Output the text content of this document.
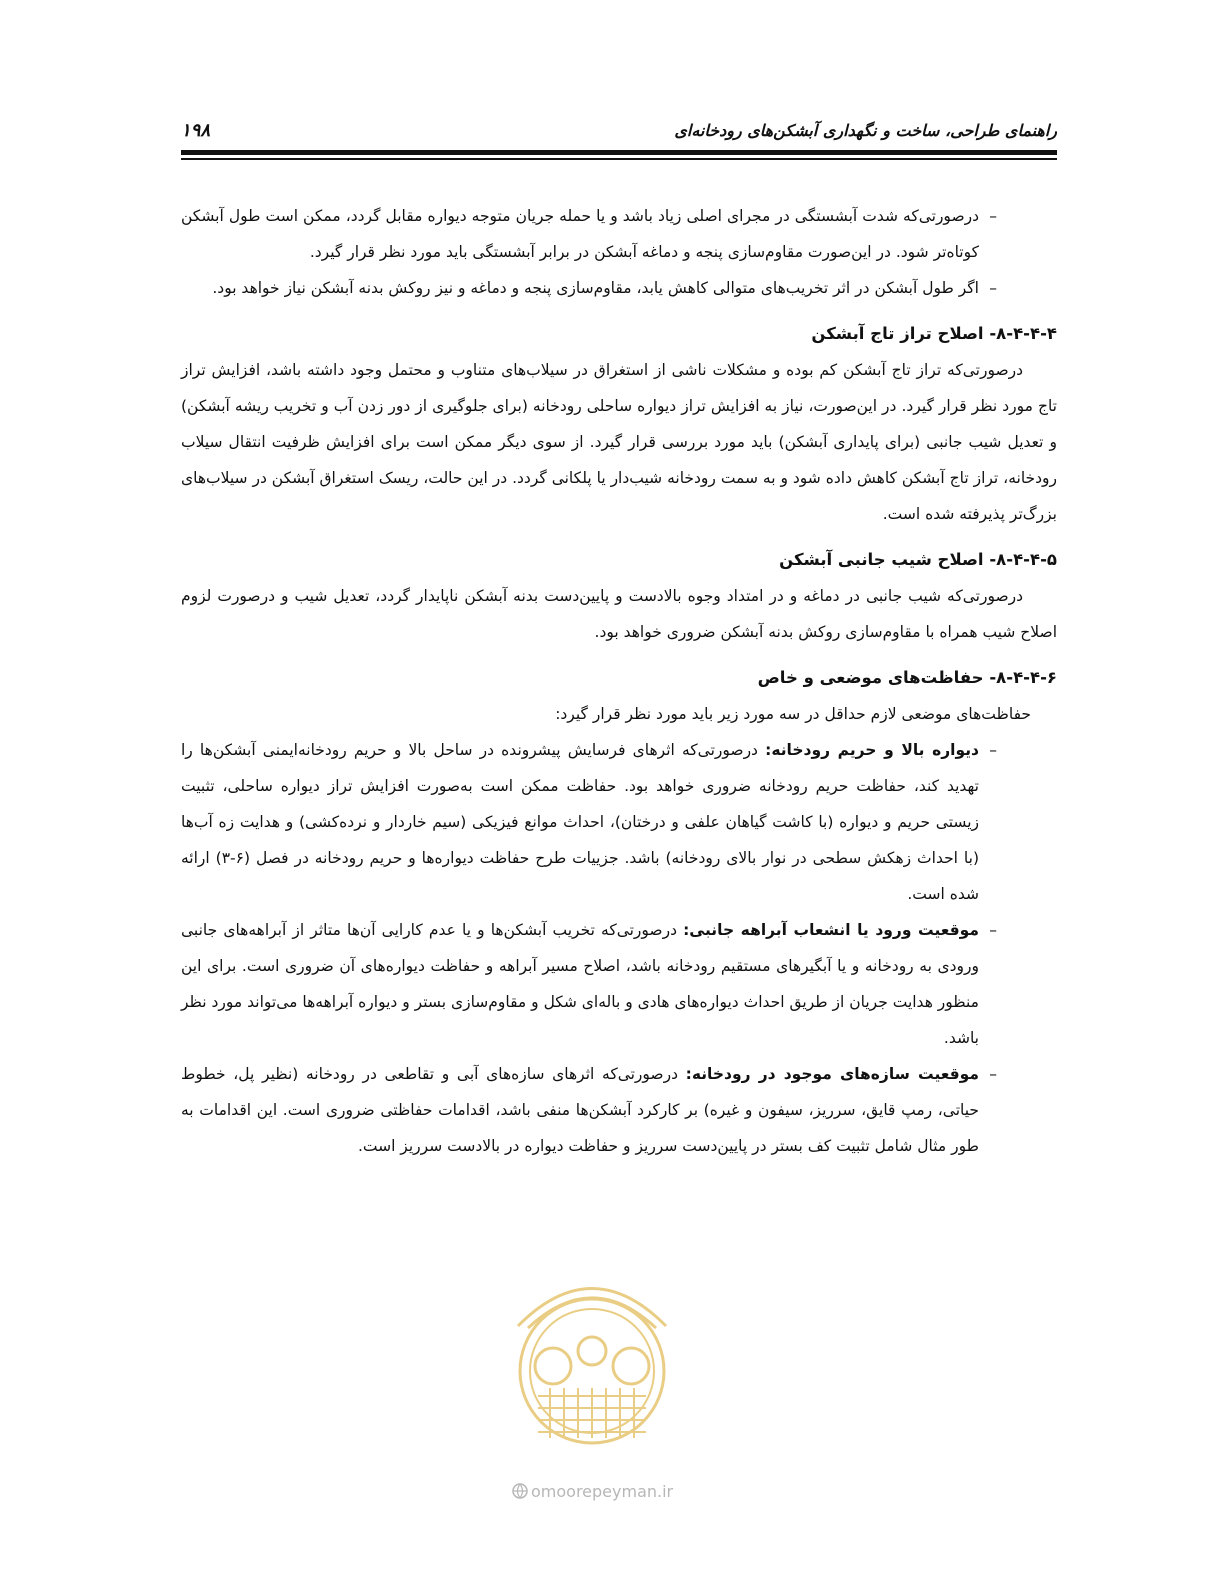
۱۹۸	راهنمای طراحی، ساخت و نگهداری آبشکن‌های رودخانه‌ای

–
درصورتی‌که شدت آبشستگی در مجرای اصلی زیاد باشد و یا حمله جریان متوجه دیواره مقابل گردد، ممکن است طول آبشکن کوتاه‌تر شود. در این‌صورت مقاوم‌سازی پنجه و دماغه آبشکن در برابر آبشستگی باید مورد نظر قرار گیرد.

–
اگر طول آبشکن در اثر تخریب‌های متوالی کاهش یابد، مقاوم‌سازی پنجه و دماغه و نیز روکش بدنه آبشکن نیاز خواهد بود.

۸-۴-۴-۴- اصلاح تراز تاج آبشکن

درصورتی‌که تراز تاج آبشکن کم بوده و مشکلات ناشی از استغراق در سیلاب‌های متناوب و محتمل وجود داشته باشد، افزایش تراز تاج مورد نظر قرار گیرد. در این‌صورت، نیاز به افزایش تراز دیواره ساحلی رودخانه (برای جلوگیری از دور زدن آب و تخریب ریشه آبشکن) و تعدیل شیب جانبی (برای پایداری آبشکن) باید مورد بررسی قرار گیرد. از سوی دیگر ممکن است برای افزایش ظرفیت انتقال سیلاب رودخانه، تراز تاج آبشکن کاهش داده شود و به سمت رودخانه شیب‌دار یا پلکانی گردد. در این حالت، ریسک استغراق آبشکن در سیلاب‌های بزرگ‌تر پذیرفته شده است.

۸-۴-۴-۵- اصلاح شیب جانبی آبشکن

درصورتی‌که شیب جانبی در دماغه و در امتداد وجوه بالادست و پایین‌دست بدنه آبشکن ناپایدار گردد، تعدیل شیب و درصورت لزوم اصلاح شیب همراه با مقاوم‌سازی روکش بدنه آبشکن ضروری خواهد بود.

۸-۴-۴-۶- حفاظت‌های موضعی و خاص

حفاظت‌های موضعی لازم حداقل در سه مورد زیر باید مورد نظر قرار گیرد:

–
دیواره بالا و حریم رودخانه: درصورتی‌که اثرهای فرسایش پیشرونده در ساحل بالا و حریم رودخانه‌ایمنی آبشکن‌ها را تهدید کند، حفاظت حریم رودخانه ضروری خواهد بود. حفاظت ممکن است به‌صورت افزایش تراز دیواره ساحلی، تثبیت زیستی حریم و دیواره (با کاشت گیاهان علفی و درختان)، احداث موانع فیزیکی (سیم خاردار و نرده‌کشی) و هدایت زه آب‌ها (با احداث زهکش سطحی در نوار بالای رودخانه) باشد. جزییات طرح حفاظت دیواره‌ها و حریم رودخانه در فصل (۶-۳) ارائه شده است.

–
موقعیت ورود یا انشعاب آبراهه جانبی: درصورتی‌که تخریب آبشکن‌ها و یا عدم کارایی آن‌ها متاثر از آبراهه‌های جانبی ورودی به رودخانه و یا آبگیرهای مستقیم رودخانه باشد، اصلاح مسیر آبراهه و حفاظت دیواره‌های آن ضروری است. برای این منظور هدایت جریان از طریق احداث دیواره‌های هادی و باله‌ای شکل و مقاوم‌سازی بستر و دیواره آبراهه‌ها می‌تواند مورد نظر باشد.

–
موقعیت سازه‌های موجود در رودخانه: درصورتی‌که اثرهای سازه‌های آبی و تقاطعی در رودخانه (نظیر پل، خطوط حیاتی، رمپ قایق، سرریز، سیفون و غیره) بر کارکرد آبشکن‌ها منفی باشد، اقدامات حفاظتی ضروری است. این اقدامات به طور مثال شامل تثبیت کف بستر در پایین‌دست سرریز و حفاظت دیواره در بالادست سرریز است.

omoorepeyman.ir
